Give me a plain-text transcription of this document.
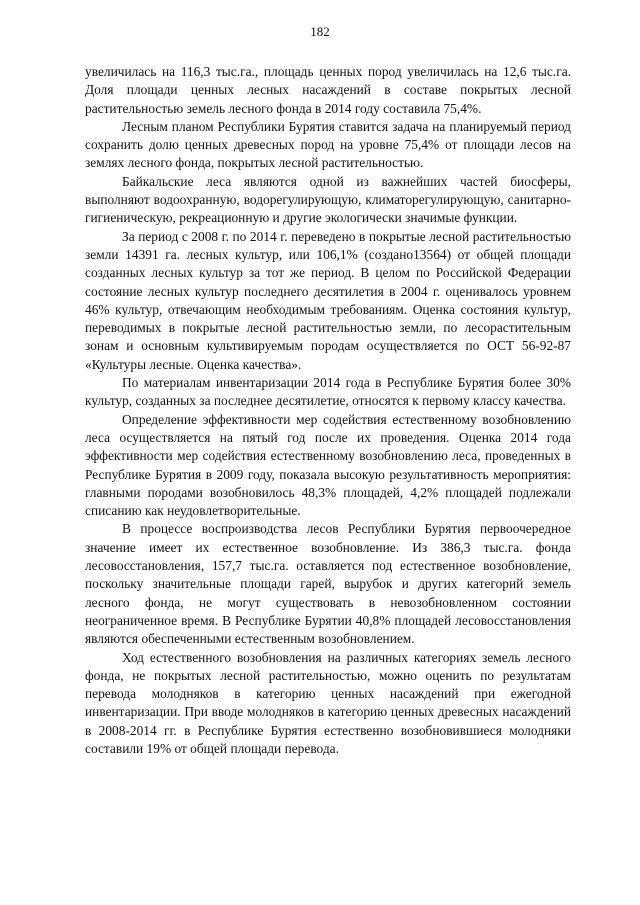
182

увеличилась на 116,3 тыс.га., площадь ценных пород увеличилась на 12,6 тыс.га. Доля площади ценных лесных насаждений в составе покрытых лесной растительностью земель лесного фонда в 2014 году составила 75,4%.

Лесным планом Республики Бурятия ставится задача на планируемый период сохранить долю ценных древесных пород на уровне 75,4% от площади лесов на землях лесного фонда, покрытых лесной растительностью.

Байкальские леса являются одной из важнейших частей биосферы, выполняют водоохранную, водорегулирующую, климаторегулирующую, санитарно-гигиеническую, рекреационную и другие экологически значимые функции.

За период с 2008 г. по 2014 г. переведено в покрытые лесной растительностью земли 14391 га. лесных культур, или 106,1% (создано13564) от общей площади созданных лесных культур за тот же период. В целом по Российской Федерации состояние лесных культур последнего десятилетия в 2004 г. оценивалось уровнем 46% культур, отвечающим необходимым требованиям. Оценка состояния культур, переводимых в покрытые лесной растительностью земли, по лесорастительным зонам и основным культивируемым породам осуществляется по ОСТ 56-92-87 «Культуры лесные. Оценка качества».

По материалам инвентаризации 2014 года в Республике Бурятия более 30% культур, созданных за последнее десятилетие, относятся к первому классу качества.

Определение эффективности мер содействия естественному возобновлению леса осуществляется на пятый год после их проведения. Оценка 2014 года эффективности мер содействия естественному возобновлению леса, проведенных в Республике Бурятия в 2009 году, показала высокую результативность мероприятия: главными породами возобновилось 48,3% площадей, 4,2% площадей подлежали списанию как неудовлетворительные.

В процессе воспроизводства лесов Республики Бурятия первоочередное значение имеет их естественное возобновление. Из 386,3 тыс.га. фонда лесовосстановления, 157,7 тыс.га. оставляется под естественное возобновление, поскольку значительные площади гарей, вырубок и других категорий земель лесного фонда, не могут существовать в невозобновленном состоянии неограниченное время. В Республике Бурятии 40,8% площадей лесовосстановления являются обеспеченными естественным возобновлением.

Ход естественного возобновления на различных категориях земель лесного фонда, не покрытых лесной растительностью, можно оценить по результатам перевода молодняков в категорию ценных насаждений при ежегодной инвентаризации. При вводе молодняков в категорию ценных древесных насаждений в 2008-2014 гг. в Республике Бурятия естественно возобновившиеся молодняки составили 19% от общей площади перевода.
